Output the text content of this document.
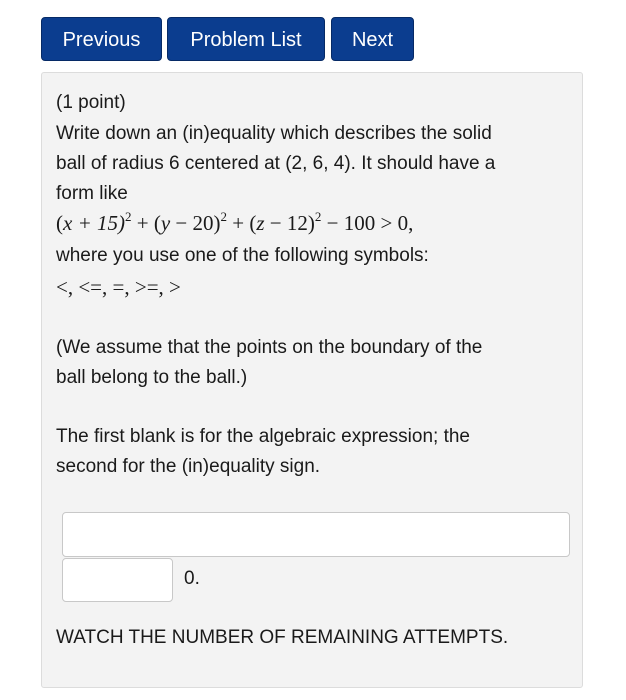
Previous	Problem List	Next
(1 point)
Write down an (in)equality which describes the solid
ball of radius 6 centered at (2, 6, 4). It should have a
form like
$(x + 15)^2 + (y - 20)^2 + (z - 12)^2 - 100 > 0$,
where you use one of the following symbols:
<, <=, =, >=, >
(We assume that the points on the boundary of the
ball belong to the ball.)
The first blank is for the algebraic expression; the
second for the (in)equality sign.
0.
WATCH THE NUMBER OF REMAINING ATTEMPTS.
